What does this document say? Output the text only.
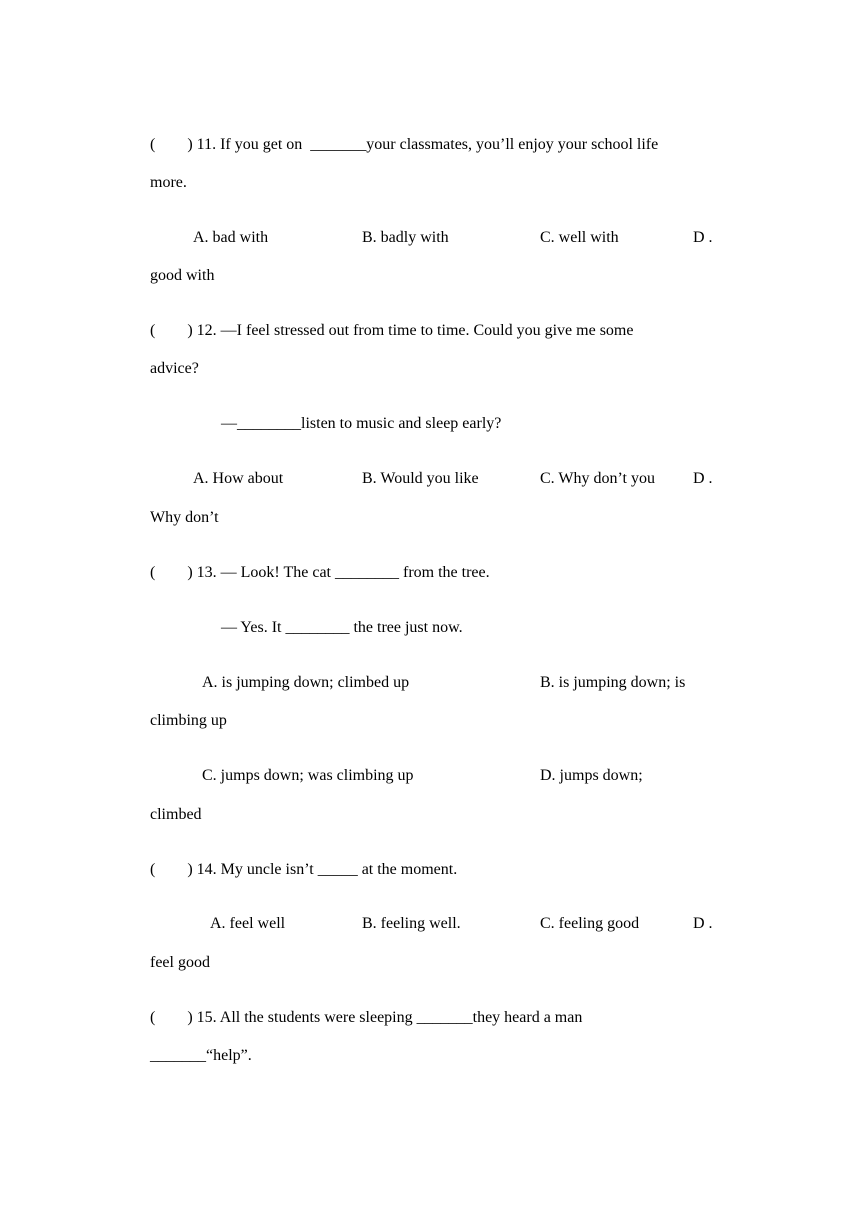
(        ) 11. If you get on  _______your classmates, you’ll enjoy your school life
more.
A. bad with	B. badly with	C. well with	D .
good with
(        ) 12. —I feel stressed out from time to time. Could you give me some
advice?
—________listen to music and sleep early?
A. How about	B. Would you like	C. Why don’t you D .
Why don’t
(        ) 13. — Look! The cat ________ from the tree.
— Yes. It ________ the tree just now.
A. is jumping down; climbed up	B. is jumping down; is
climbing up
C. jumps down; was climbing up	D. jumps down;
climbed
(        ) 14. My uncle isn’t _____ at the moment.
A. feel well	B. feeling well.	C. feeling good	D .
feel good
(        ) 15. All the students were sleeping _______they heard a man
_______“help”.
